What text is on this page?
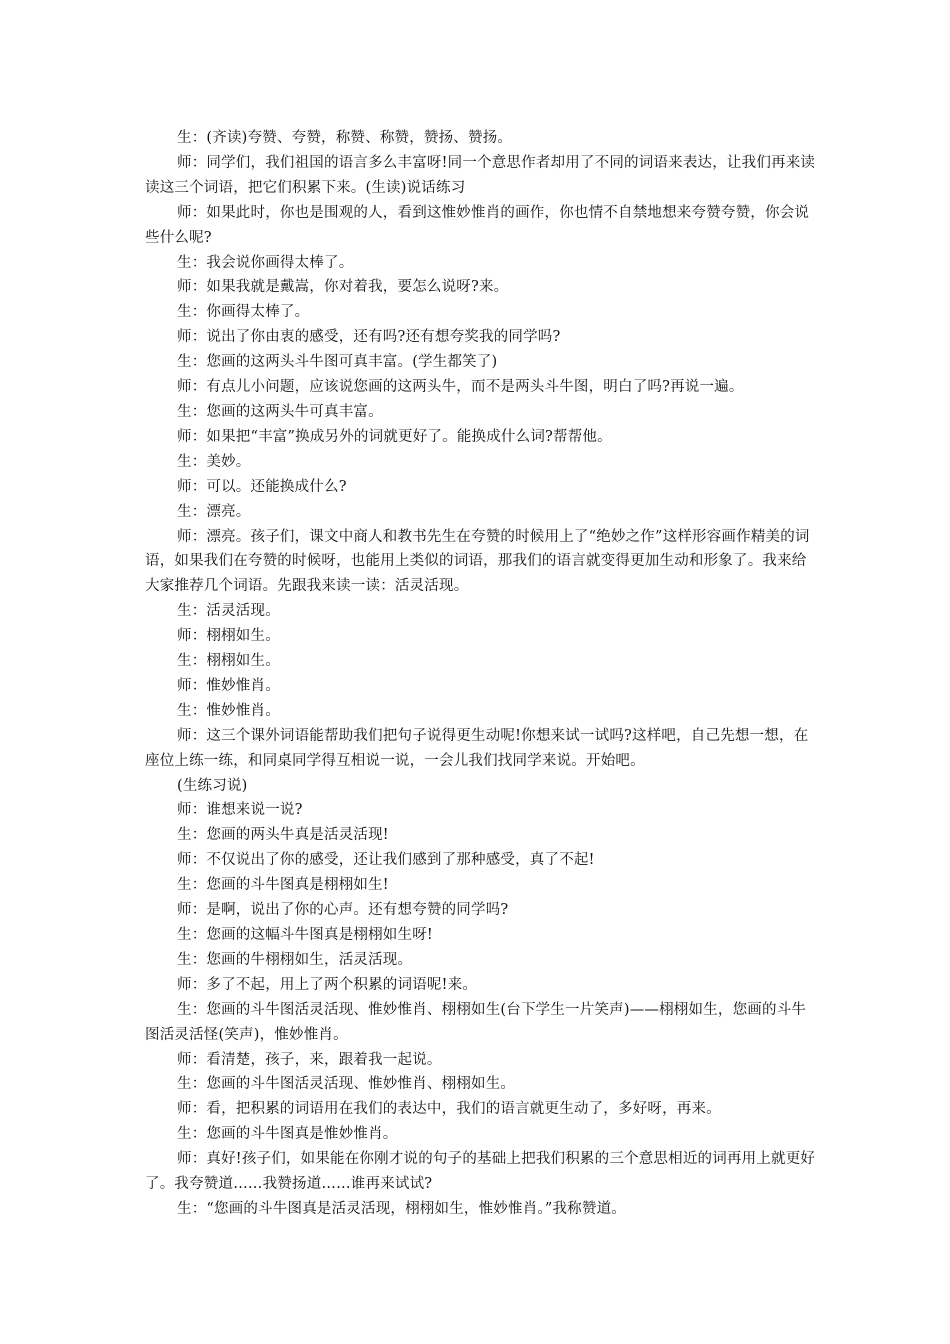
生：(齐读)夸赞、夸赞，称赞、称赞，赞扬、赞扬。

师：同学们，我们祖国的语言多么丰富呀!同一个意思作者却用了不同的词语来表达，让我们再来读读这三个词语，把它们积累下来。(生读)说话练习

师：如果此时，你也是围观的人，看到这惟妙惟肖的画作，你也情不自禁地想来夸赞夸赞，你会说些什么呢?

生：我会说你画得太棒了。

师：如果我就是戴嵩，你对着我，要怎么说呀?来。

生：你画得太棒了。

师：说出了你由衷的感受，还有吗?还有想夸奖我的同学吗?

生：您画的这两头斗牛图可真丰富。(学生都笑了)

师：有点儿小问题，应该说您画的这两头牛，而不是两头斗牛图，明白了吗?再说一遍。

生：您画的这两头牛可真丰富。

师：如果把“丰富”换成另外的词就更好了。能换成什么词?帮帮他。

生：美妙。

师：可以。还能换成什么?

生：漂亮。

师：漂亮。孩子们，课文中商人和教书先生在夸赞的时候用上了“绝妙之作”这样形容画作精美的词语，如果我们在夸赞的时候呀，也能用上类似的词语，那我们的语言就变得更加生动和形象了。我来给大家推荐几个词语。先跟我来读一读：活灵活现。

生：活灵活现。

师：栩栩如生。

生：栩栩如生。

师：惟妙惟肖。

生：惟妙惟肖。

师：这三个课外词语能帮助我们把句子说得更生动呢!你想来试一试吗?这样吧，自己先想一想，在座位上练一练，和同桌同学得互相说一说，一会儿我们找同学来说。开始吧。

(生练习说)

师：谁想来说一说?

生：您画的两头牛真是活灵活现!

师：不仅说出了你的感受，还让我们感到了那种感受，真了不起!

生：您画的斗牛图真是栩栩如生!

师：是啊，说出了你的心声。还有想夸赞的同学吗?

生：您画的这幅斗牛图真是栩栩如生呀!

生：您画的牛栩栩如生，活灵活现。

师：多了不起，用上了两个积累的词语呢!来。

生：您画的斗牛图活灵活现、惟妙惟肖、栩栩如生(台下学生一片笑声)——栩栩如生，您画的斗牛图活灵活怪(笑声)，惟妙惟肖。

师：看清楚，孩子，来，跟着我一起说。

生：您画的斗牛图活灵活现、惟妙惟肖、栩栩如生。

师：看，把积累的词语用在我们的表达中，我们的语言就更生动了，多好呀，再来。

生：您画的斗牛图真是惟妙惟肖。

师：真好!孩子们，如果能在你刚才说的句子的基础上把我们积累的三个意思相近的词再用上就更好了。我夸赞道……我赞扬道……谁再来试试?

生：“您画的斗牛图真是活灵活现，栩栩如生，惟妙惟肖。”我称赞道。
